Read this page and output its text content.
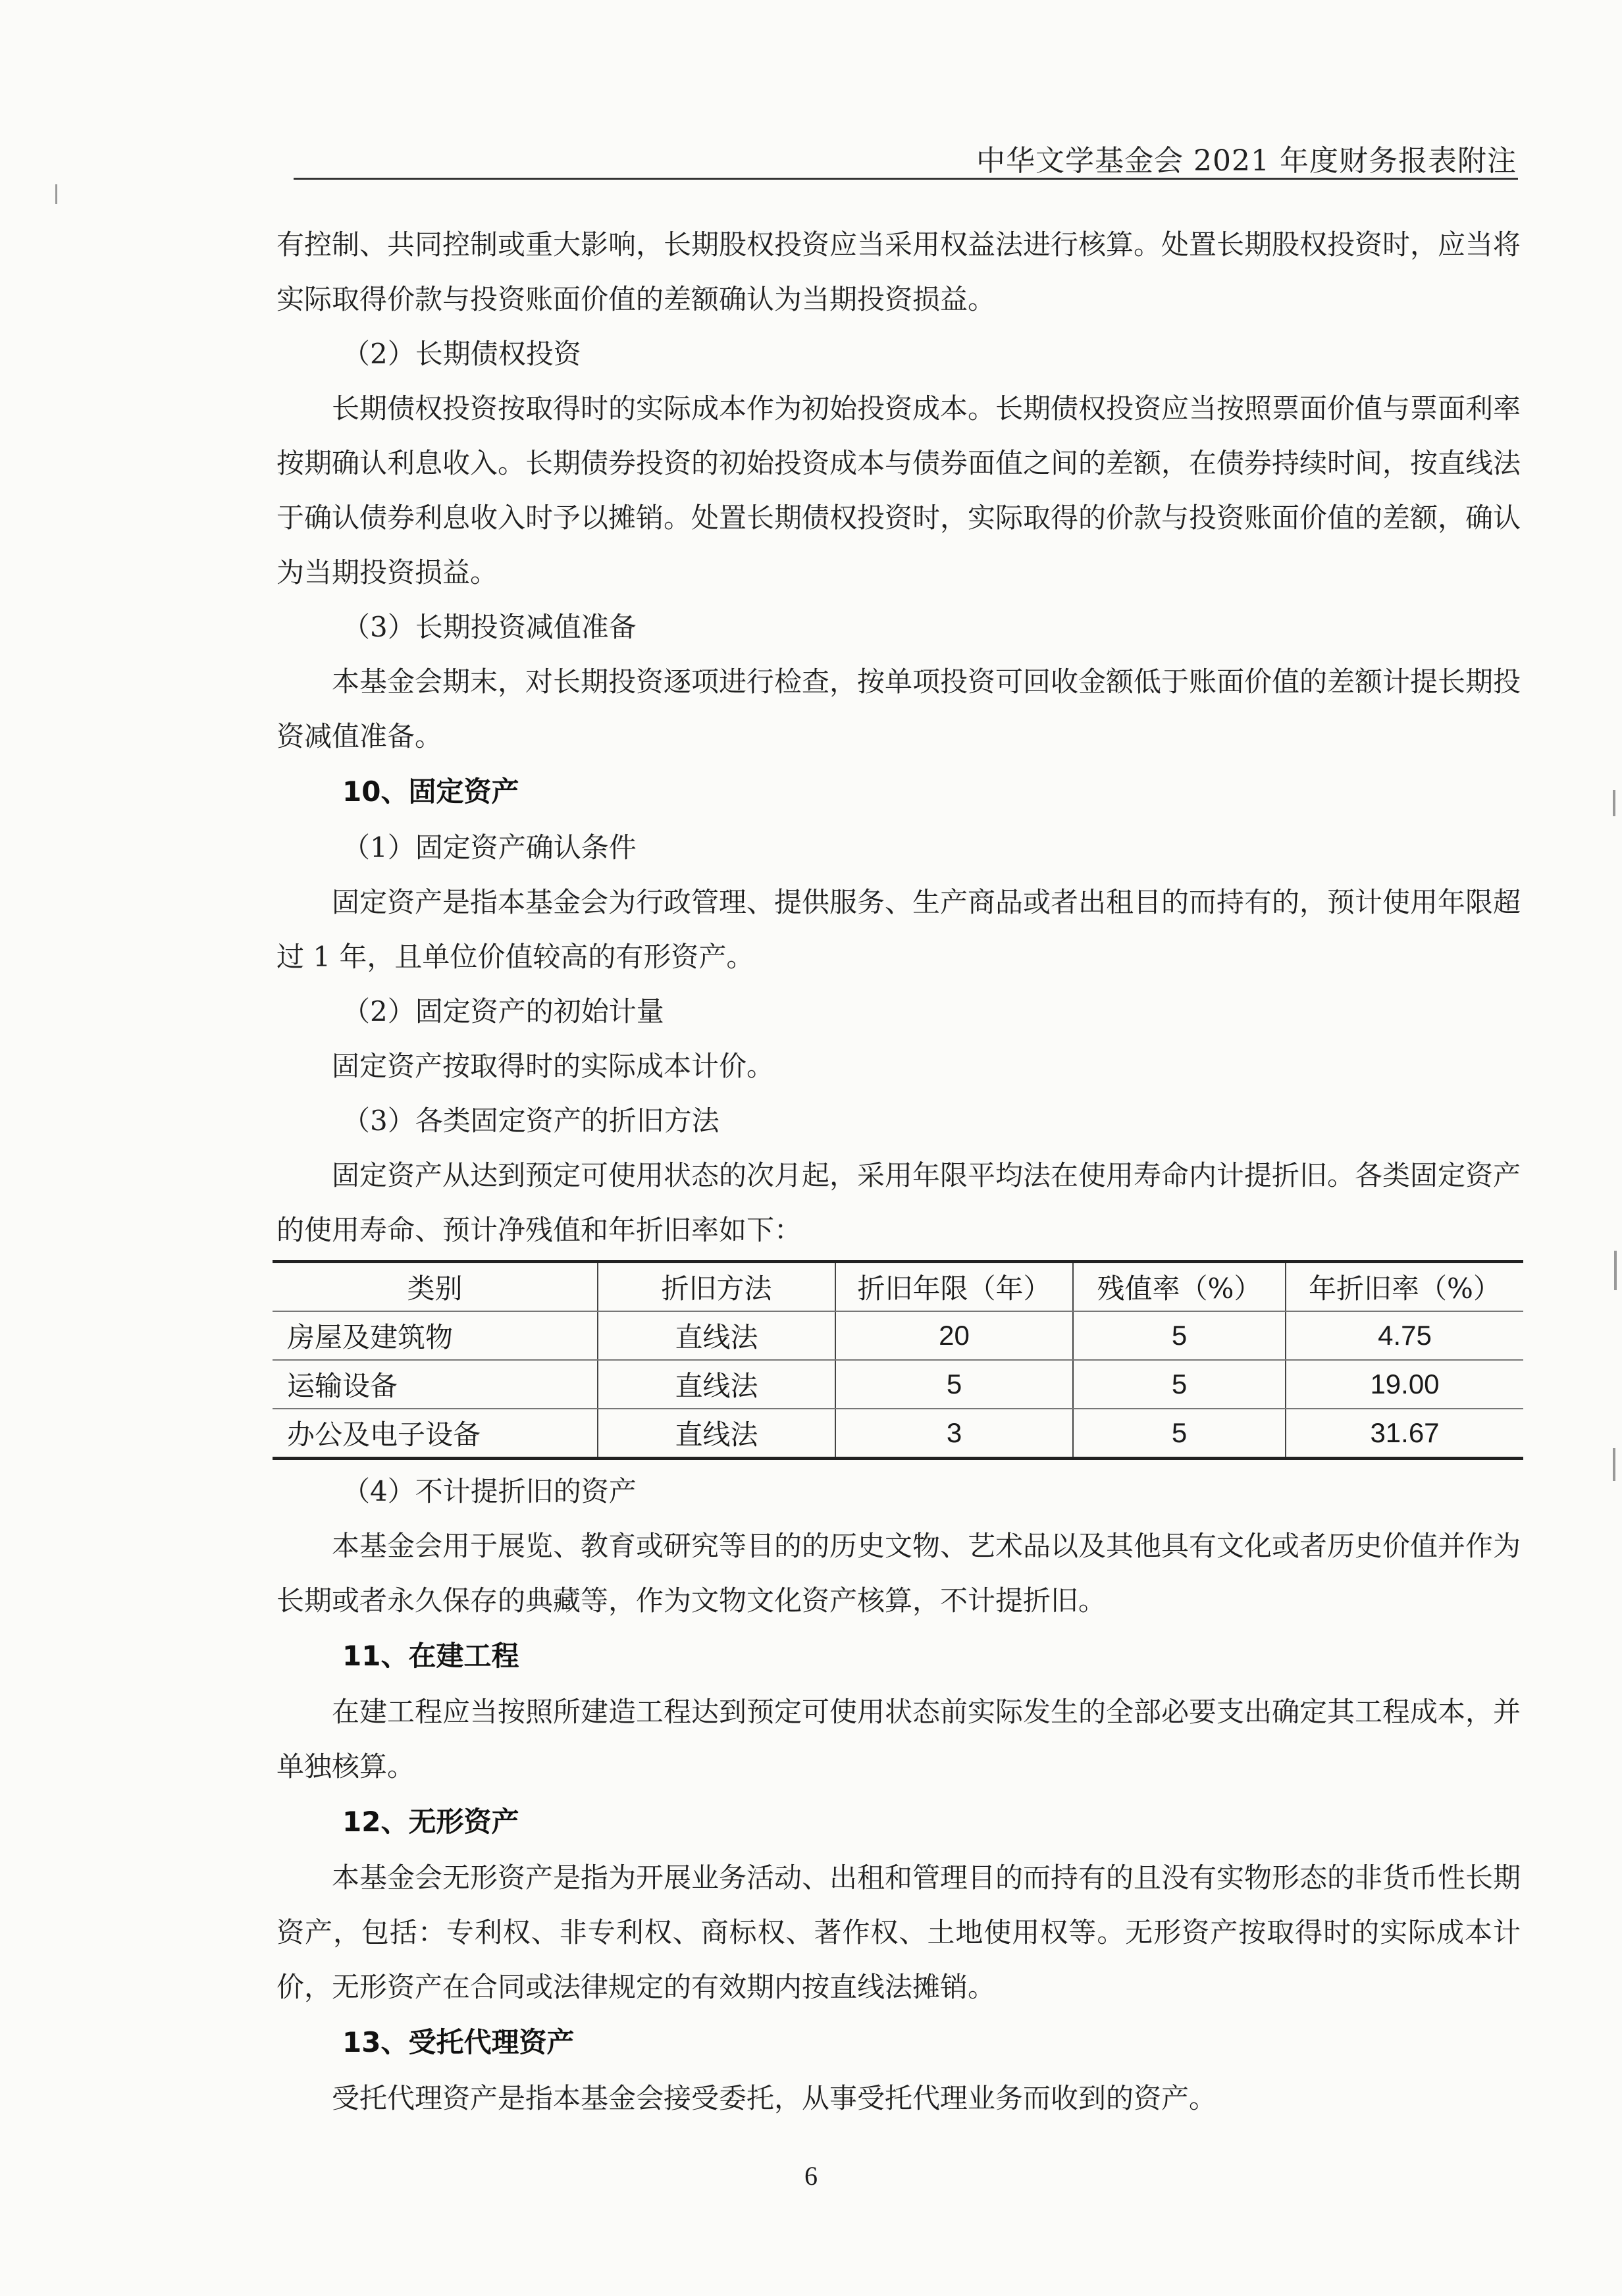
中华文学基金会 2021 年度财务报表附注

有控制、共同控制或重大影响，长期股权投资应当采用权益法进行核算。处置长期股权投资时，应当将实际取得价款与投资账面价值的差额确认为当期投资损益。

（2）长期债权投资

长期债权投资按取得时的实际成本作为初始投资成本。长期债权投资应当按照票面价值与票面利率按期确认利息收入。长期债券投资的初始投资成本与债券面值之间的差额，在债券持续时间，按直线法于确认债券利息收入时予以摊销。处置长期债权投资时，实际取得的价款与投资账面价值的差额，确认为当期投资损益。

（3）长期投资减值准备

本基金会期末，对长期投资逐项进行检查，按单项投资可回收金额低于账面价值的差额计提长期投资减值准备。

10、固定资产

（1）固定资产确认条件

固定资产是指本基金会为行政管理、提供服务、生产商品或者出租目的而持有的，预计使用年限超过 1 年，且单位价值较高的有形资产。

（2）固定资产的初始计量

固定资产按取得时的实际成本计价。

（3）各类固定资产的折旧方法

固定资产从达到预定可使用状态的次月起，采用年限平均法在使用寿命内计提折旧。各类固定资产的使用寿命、预计净残值和年折旧率如下：

类别	折旧方法	折旧年限（年）	残值率（%）	年折旧率（%）
房屋及建筑物	直线法	20	5	4.75
运输设备	直线法	5	5	19.00
办公及电子设备	直线法	3	5	31.67

（4）不计提折旧的资产

本基金会用于展览、教育或研究等目的的历史文物、艺术品以及其他具有文化或者历史价值并作为长期或者永久保存的典藏等，作为文物文化资产核算，不计提折旧。

11、在建工程

在建工程应当按照所建造工程达到预定可使用状态前实际发生的全部必要支出确定其工程成本，并单独核算。

12、无形资产

本基金会无形资产是指为开展业务活动、出租和管理目的而持有的且没有实物形态的非货币性长期资产，包括：专利权、非专利权、商标权、著作权、土地使用权等。无形资产按取得时的实际成本计价，无形资产在合同或法律规定的有效期内按直线法摊销。

13、受托代理资产

受托代理资产是指本基金会接受委托，从事受托代理业务而收到的资产。

6
